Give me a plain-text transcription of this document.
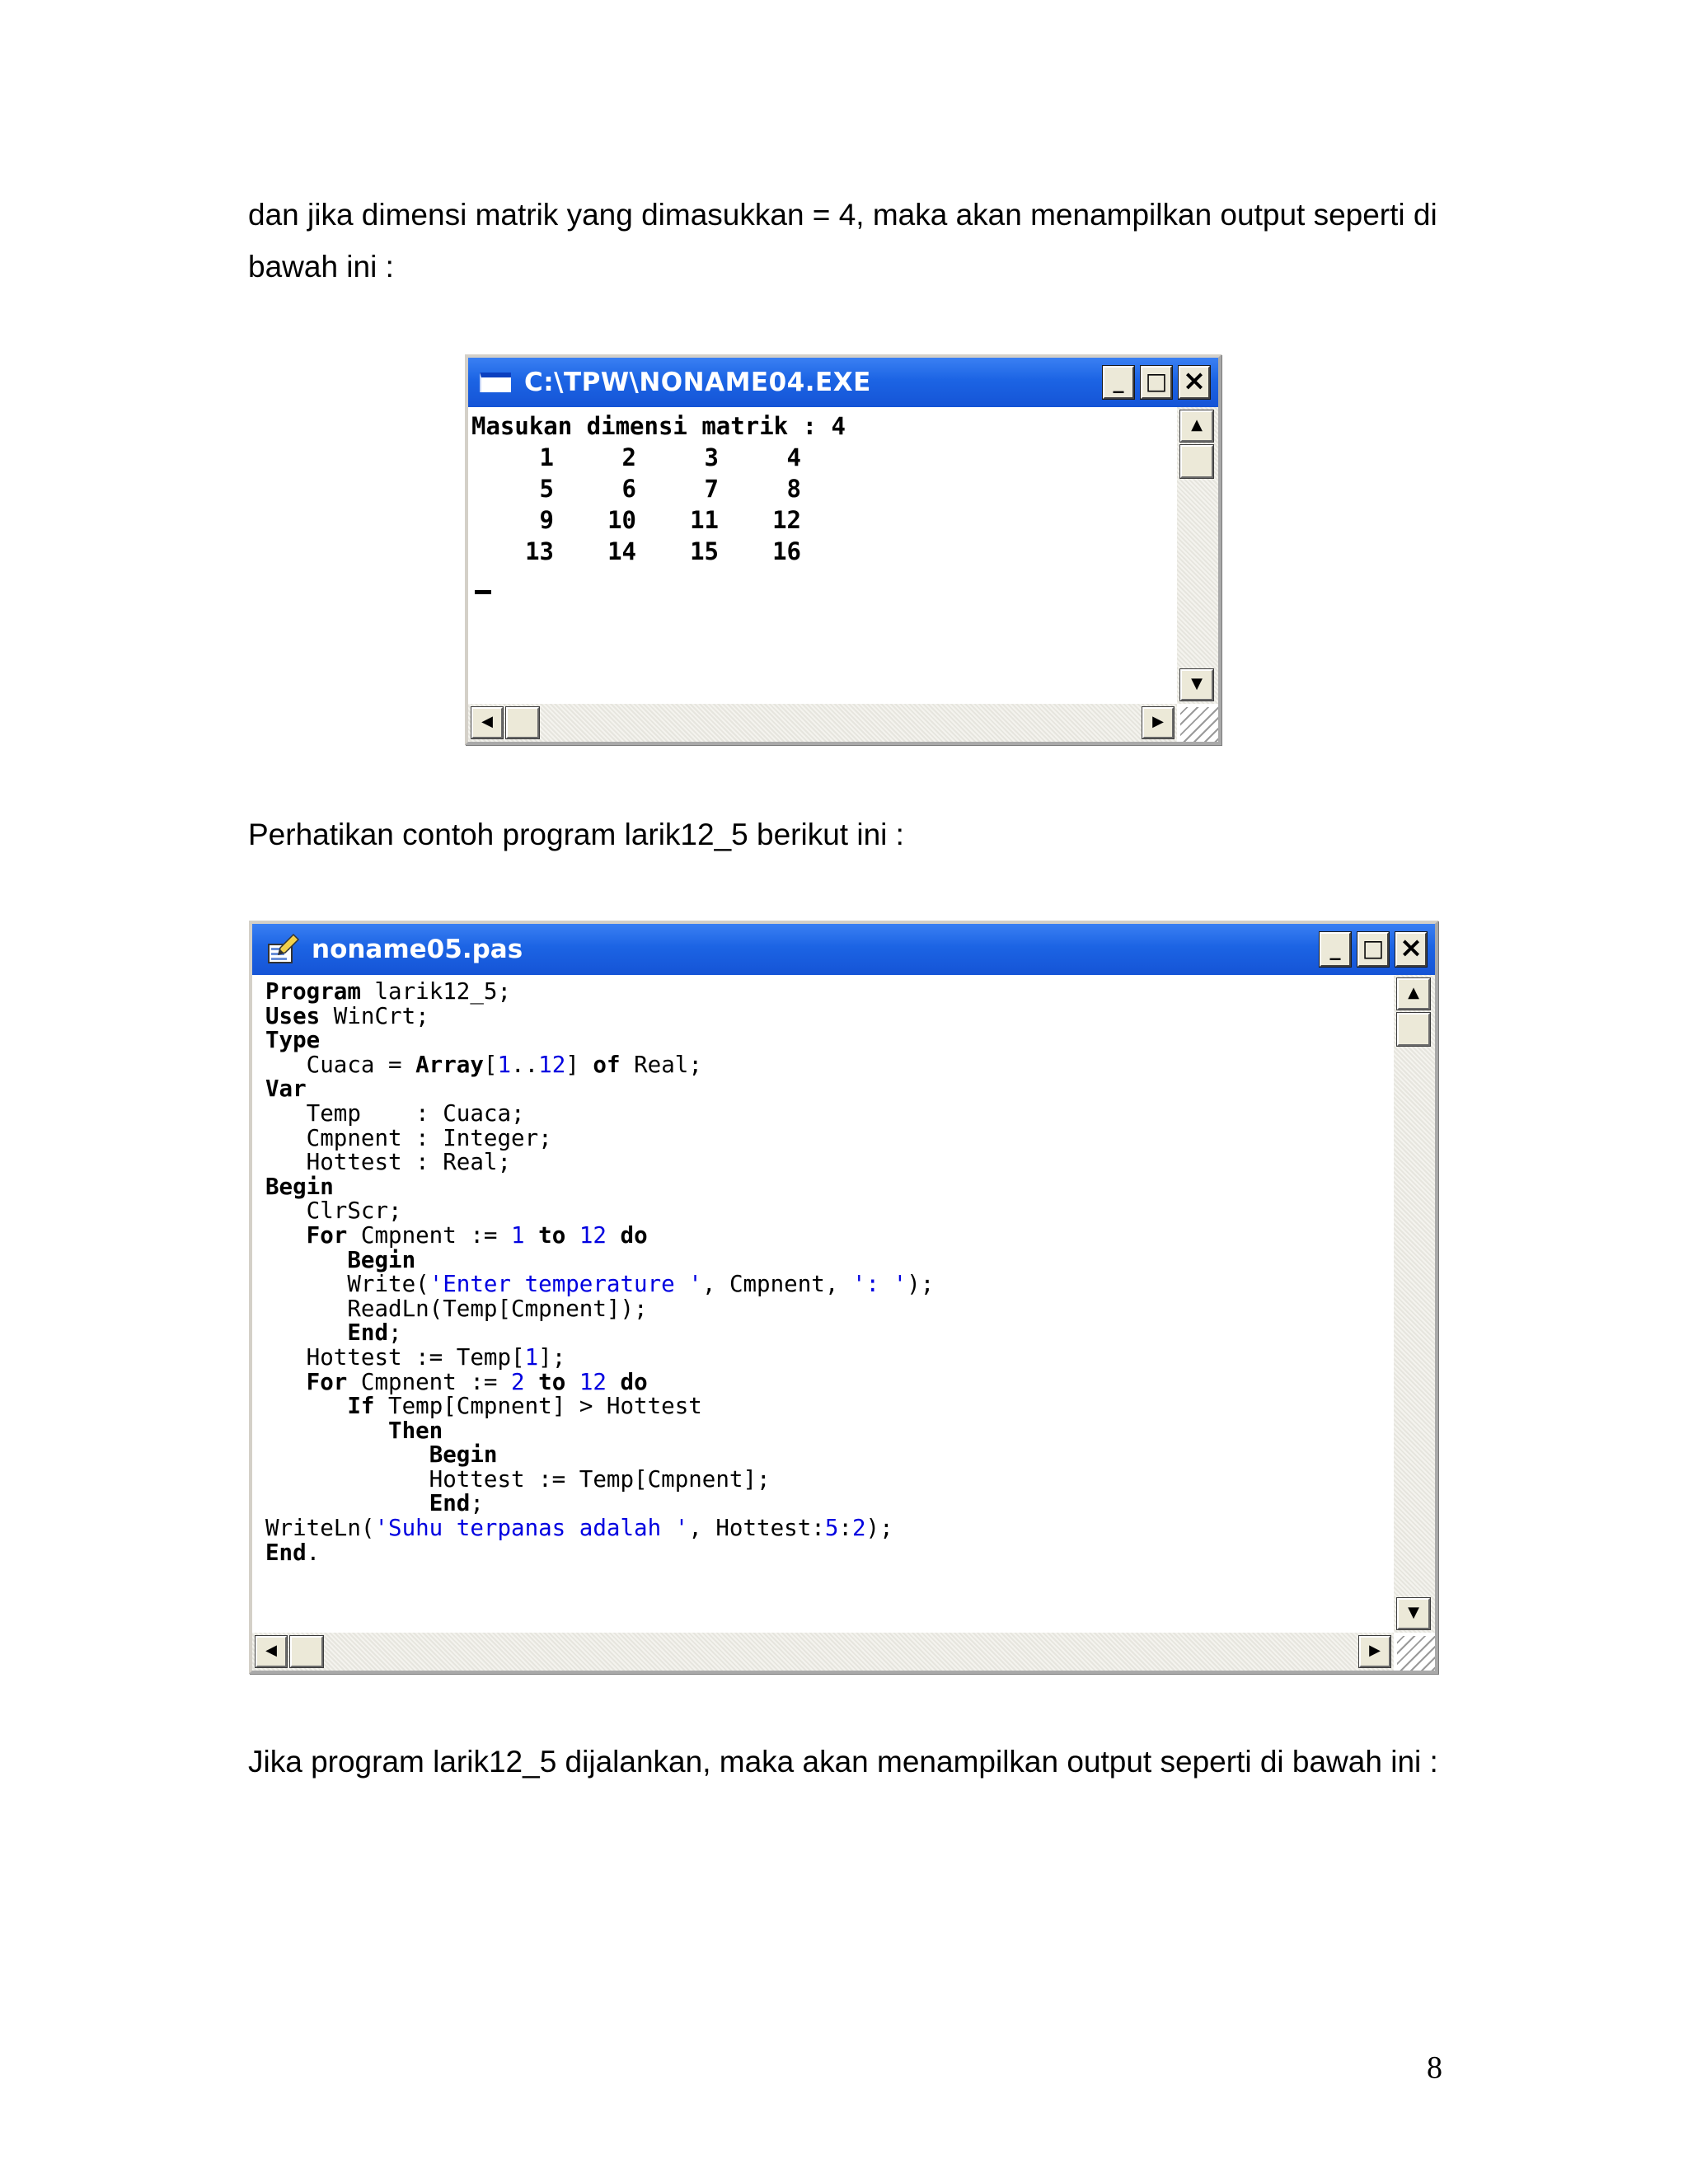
dan jika dimensi matrik yang dimasukkan = 4, maka akan menampilkan output seperti di
bawah ini :

C:\TPW\NONAME04.EXE	_ □ ×
Masukan dimensi matrik : 4
1	2	3	4
5	6	7	8
9	10	11	12
13	14	15	16
▲
▼
◀	▶

Perhatikan contoh program larik12_5 berikut ini :

noname05.pas	_ □ ×
Program larik12_5;
Uses WinCrt;
Type
Cuaca = Array[1..12] of Real;
Var
Temp    : Cuaca;
Cmpnent : Integer;
Hottest : Real;
Begin
ClrScr;
For Cmpnent := 1 to 12 do
Begin
Write('Enter temperature ', Cmpnent, ': ');
ReadLn(Temp[Cmpnent]);
End;
Hottest := Temp[1];
For Cmpnent := 2 to 12 do
If Temp[Cmpnent] > Hottest
Then
Begin
Hottest := Temp[Cmpnent];
End;
WriteLn('Suhu terpanas adalah ', Hottest:5:2);
End.
▲
▼
◀	▶

Jika program larik12_5 dijalankan, maka akan menampilkan output seperti di bawah ini :

8
